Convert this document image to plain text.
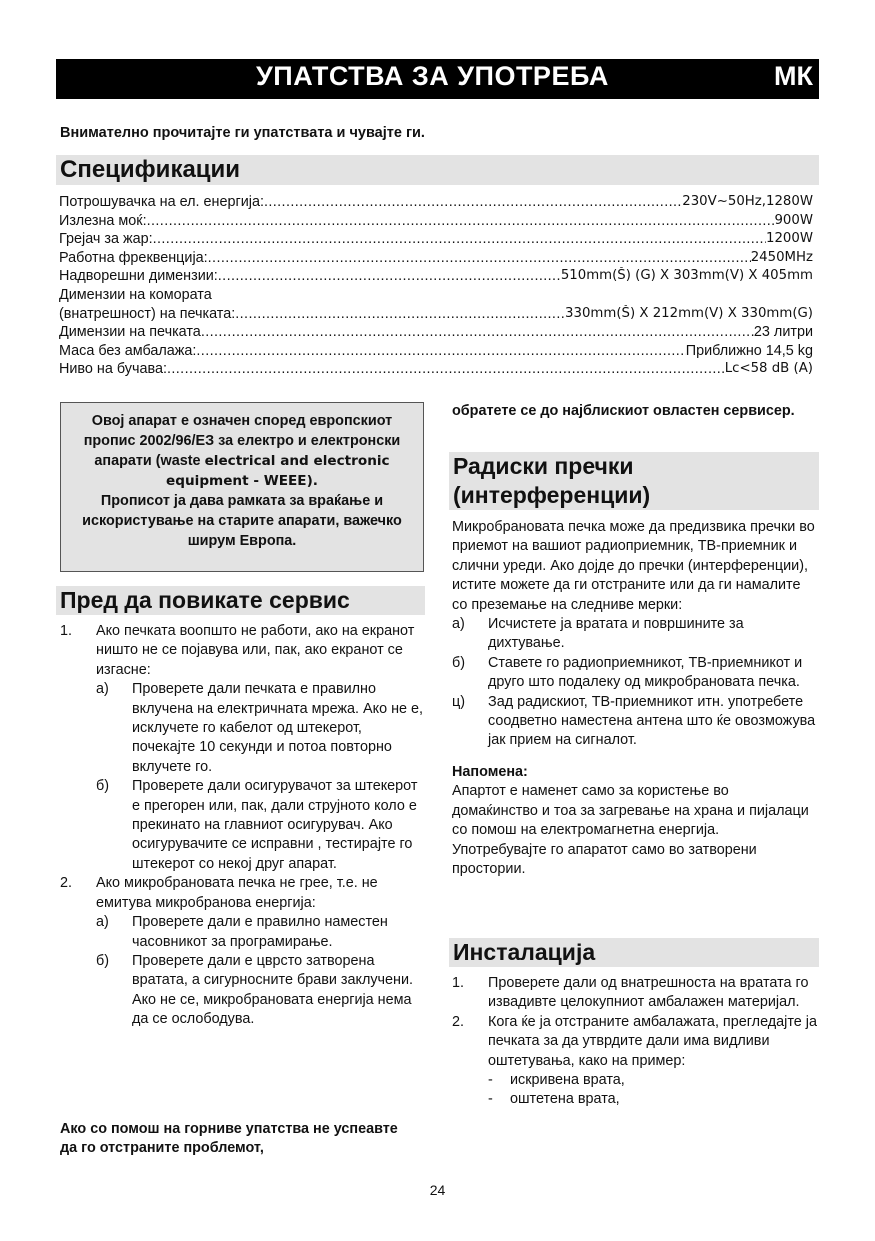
УПАТСТВА ЗА УПОТРЕБА	МК
Внимателно прочитајте ги упатствата и чувајте ги.
Спецификации
Потрошувачка на ел. енергија: .....	230V~50Hz,1280W
Излезна моќ: .....	900W
Грејач за жар: .....	1200W
Работна фреквенција: .....	2450MHz
Надворешни димензии: .....	510mm(Š) (G) X 303mm(V) X 405mm
Димензии на комората
(внатрешност) на печката: .....	330mm(Š) X 212mm(V) X 330mm(G)
Димензии на печката .....	23 литри
Маса без амбалажа: .....	Приближно 14,5 kg
Ниво на бучава: .....	Lc<58 dB (A)
Овој апарат е означен според европскиот пропис 2002/96/ЕЗ за електро и електронски апарати (waste electrical and electronic equipment - WEEE).
Прописот ја дава рамката за враќање и искористување на старите апарати, важечко ширум Европа.
Пред да повикате сервис
1. Ако печката воопшто не работи, ако на екранот ништо не се појавува или, пак, ако екранот се изгасне:
а) Проверете дали печката е правилно вклучена на електричната мрежа. Ако не е, исклучете го кабелот од штекерот, почекајте 10 секунди и потоа повторно вклучете го.
б) Проверете дали осигурувачот за штекерот е прегорен или, пак, дали струјното коло е прекинато на главниот осигурувач. Ако осигурувачите се исправни , тестирајте го штекерот со некој друг апарат.
2. Ако микробрановата печка не грее, т.е. не емитува микробранова енергија:
а) Проверете дали е правилно наместен часовникот за програмирање.
б) Проверете дали е цврсто затворена вратата, а сигурносните брави заклучени. Ако не се, микробрановата енергија нема да се ослободува.
Ако со помош на горниве упатства не успеавте да го отстраните проблемот,
обратете се до најблискиот овластен сервисер.
Радиски пречки
(интерференции)
Микробрановата печка може да предизвика пречки во приемот на вашиот радиоприемник, ТВ-приемник и слични уреди. Ако дојде до пречки (интерференции), истите можете да ги отстраните или да ги намалите со преземање на следниве мерки:
а) Исчистете ја вратата и површините за дихтување.
б) Ставете го радиоприемникот, ТВ-приемникот и друго што подалеку од микробрановата печка.
ц) Зад радискиот, ТВ-приемникот итн. употребете соодветно наместена антена што ќе овозможува јак прием на сигналот.
Напомена:
Апартот е наменет само за користење во домаќинство и тоа за загревање на храна и пијалаци со помош на електромагнетна енергија. Употребувајте го апаратот само во затворени простории.
Инсталација
1. Проверете дали од внатрешноста на вратата го извадивте целокупниот амбалажен материјал.
2. Кога ќе ја отстраните амбалажата, прегледајте ја печката за да утврдите дали има видливи оштетувања, како на пример:
- искривена врата,
- оштетена врата,
24
